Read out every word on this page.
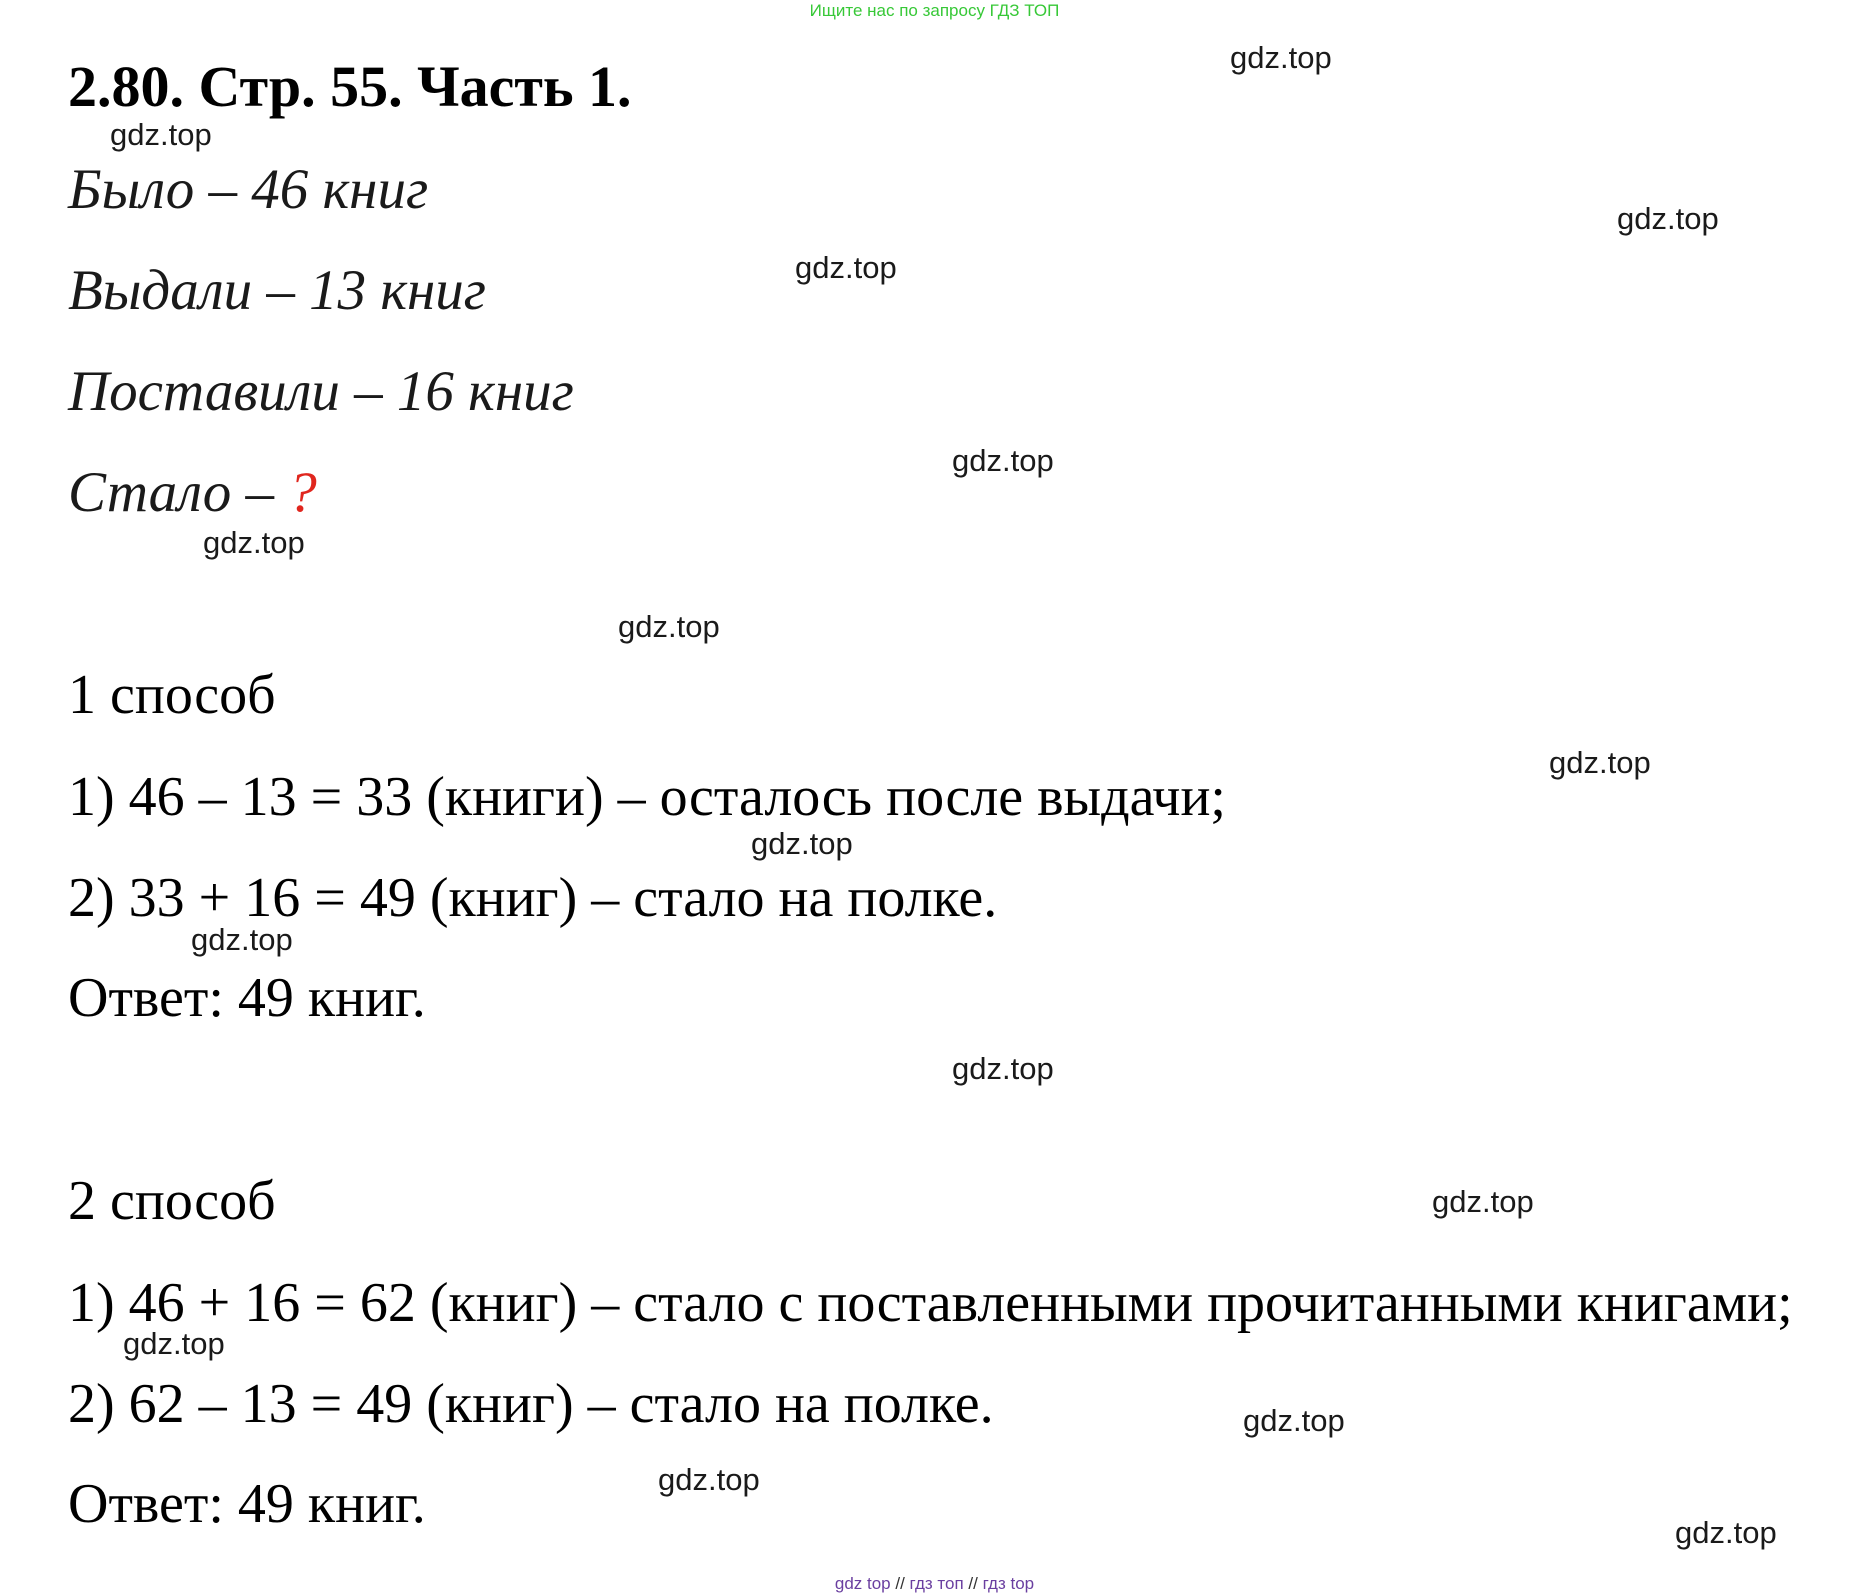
Ищите нас по запросу ГДЗ ТОП
2.80. Стр. 55. Часть 1.
Было – 46 книг
Выдали – 13 книг
Поставили – 16 книг
Стало – ?
1 способ
1) 46 – 13 = 33 (книги) – осталось после выдачи;
2) 33 + 16 = 49 (книг) – стало на полке.
Ответ: 49 книг.
2 способ
1) 46 + 16 = 62 (книг) – стало с поставленными прочитанными книгами;
2) 62 – 13 = 49 (книг) – стало на полке.
Ответ: 49 книг.
gdz.top
gdz.top
gdz.top
gdz.top
gdz.top
gdz.top
gdz.top
gdz.top
gdz.top
gdz.top
gdz.top
gdz.top
gdz.top
gdz.top
gdz.top
gdz.top
gdz top // гдз топ // гдз top
